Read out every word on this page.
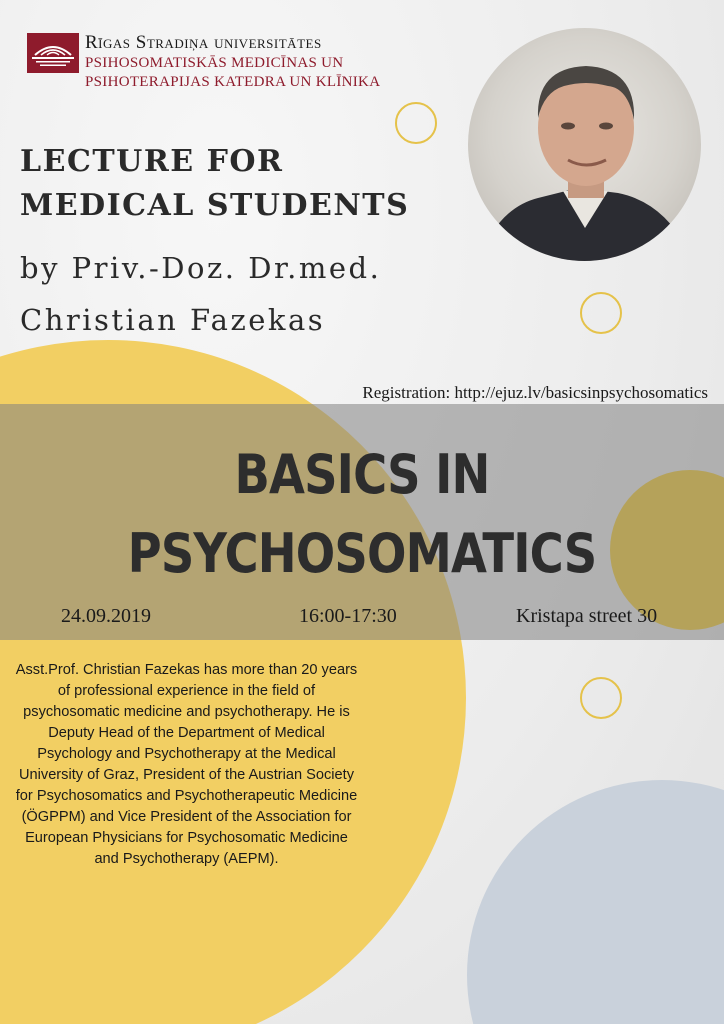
Rīgas Stradiņa universitātes
PSIHOSOMATISKĀS MEDICĪNAS UN
PSIHOTERAPIJAS KATEDRA UN KLĪNIKA
LECTURE FOR
MEDICAL STUDENTS
by Priv.-Doz. Dr.med.
Christian Fazekas
Registration: http://ejuz.lv/basicsinpsychosomatics
BASICS IN
PSYCHOSOMATICS
24.09.2019	16:00-17:30	Kristapa street 30
Asst.Prof. Christian Fazekas has more than 20 years of professional experience in the field of psychosomatic medicine and psychotherapy. He is Deputy Head of the Department of Medical Psychology and Psychotherapy at the Medical University of Graz, President of the Austrian Society for Psychosomatics and Psychotherapeutic Medicine (ÖGPPM) and Vice President of the Association for European Physicians for Psychosomatic Medicine and Psychotherapy (AEPM).
